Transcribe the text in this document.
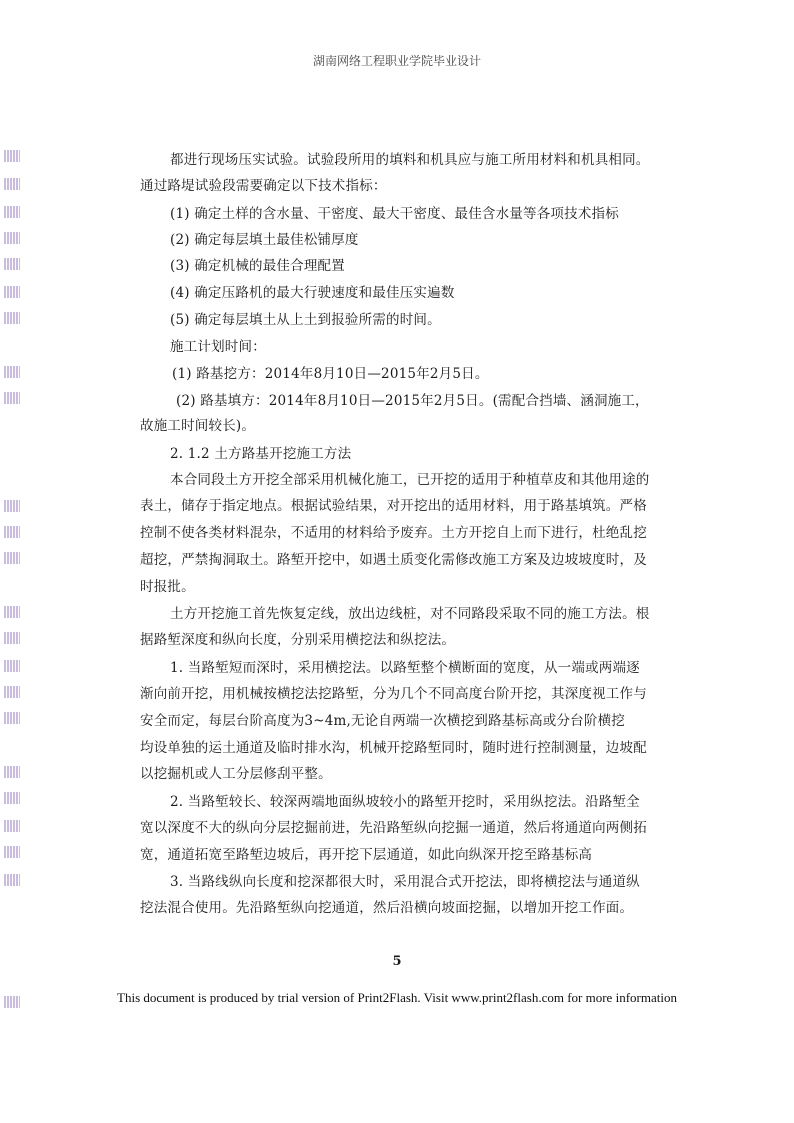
湖南网络工程职业学院毕业设计
都进行现场压实试验。试验段所用的填料和机具应与施工所用材料和机具相同。
通过路堤试验段需要确定以下技术指标：
(1) 确定土样的含水量、干密度、最大干密度、最佳含水量等各项技术指标
(2) 确定每层填土最佳松铺厚度
(3) 确定机械的最佳合理配置
(4) 确定压路机的最大行驶速度和最佳压实遍数
(5) 确定每层填土从上土到报验所需的时间。
施工计划时间：
(1) 路基挖方：2014年8月10日—2015年2月5日。
(2) 路基填方：2014年8月10日—2015年2月5日。(需配合挡墙、涵洞施工，
故施工时间较长)。
2. 1.2 土方路基开挖施工方法
本合同段土方开挖全部采用机械化施工，已开挖的适用于种植草皮和其他用途的
表土，储存于指定地点。根据试验结果，对开挖出的适用材料，用于路基填筑。严格
控制不使各类材料混杂，不适用的材料给予废弃。土方开挖自上而下进行，杜绝乱挖
超挖，严禁掏洞取土。路堑开挖中，如遇土质变化需修改施工方案及边坡坡度时，及
时报批。
土方开挖施工首先恢复定线，放出边线桩，对不同路段采取不同的施工方法。根
据路堑深度和纵向长度，分别采用横挖法和纵挖法。
1. 当路堑短而深时，采用横挖法。以路堑整个横断面的宽度，从一端或两端逐
渐向前开挖，用机械按横挖法挖路堑，分为几个不同高度台阶开挖，其深度视工作与
安全而定，每层台阶高度为3~4m,无论自两端一次横挖到路基标高或分台阶横挖
均设单独的运土通道及临时排水沟，机械开挖路堑同时，随时进行控制测量，边坡配
以挖掘机或人工分层修刮平整。
2. 当路堑较长、较深两端地面纵坡较小的路堑开挖时，采用纵挖法。沿路堑全
宽以深度不大的纵向分层挖掘前进，先沿路堑纵向挖掘一通道，然后将通道向两侧拓
宽，通道拓宽至路堑边坡后，再开挖下层通道，如此向纵深开挖至路基标高
3. 当路线纵向长度和挖深都很大时，采用混合式开挖法，即将横挖法与通道纵
挖法混合使用。先沿路堑纵向挖通道，然后沿横向坡面挖掘，以增加开挖工作面。
5
This document is produced by trial version of Print2Flash. Visit www.print2flash.com for more information
